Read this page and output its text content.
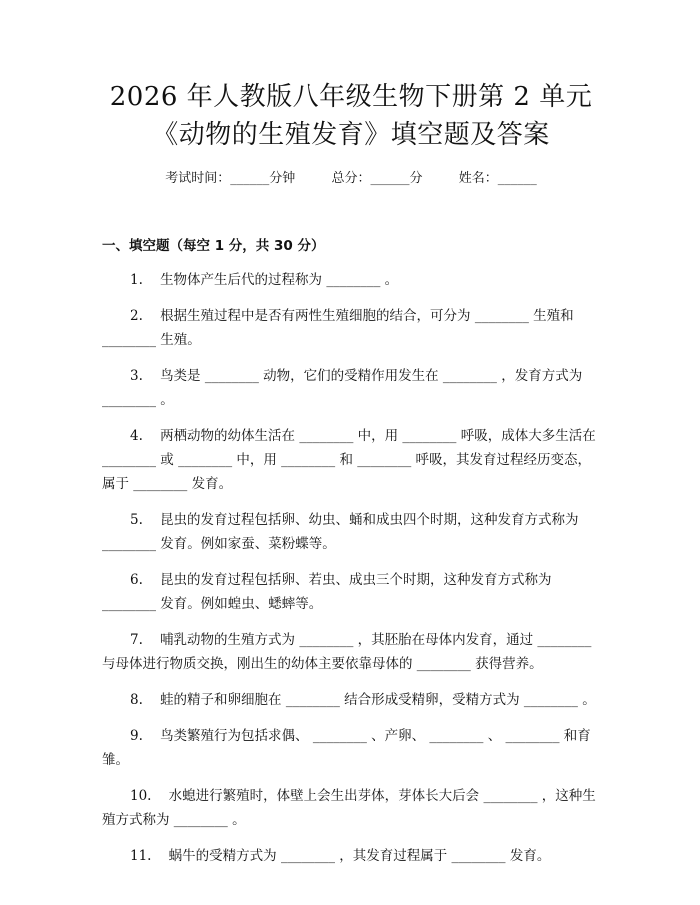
2026 年人教版八年级生物下册第 2 单元《动物的生殖发育》填空题及答案
考试时间：______分钟	总分：______分	姓名：______
一、填空题（每空 1 分，共 30 分）
1. 生物体产生后代的过程称为 ________ 。
2. 根据生殖过程中是否有两性生殖细胞的结合，可分为 ________ 生殖和 ________ 生殖。
3. 鸟类是 ________ 动物，它们的受精作用发生在 ________ ，发育方式为 ________ 。
4. 两栖动物的幼体生活在 ________ 中，用 ________ 呼吸，成体大多生活在 ________ 或 ________ 中，用 ________ 和 ________ 呼吸，其发育过程经历变态，属于 ________ 发育。
5. 昆虫的发育过程包括卵、幼虫、蛹和成虫四个时期，这种发育方式称为 ________ 发育。例如家蚕、菜粉蝶等。
6. 昆虫的发育过程包括卵、若虫、成虫三个时期，这种发育方式称为 ________ 发育。例如蝗虫、蟋蟀等。
7. 哺乳动物的生殖方式为 ________ ，其胚胎在母体内发育，通过 ________ 与母体进行物质交换，刚出生的幼体主要依靠母体的 ________ 获得营养。
8. 蛙的精子和卵细胞在 ________ 结合形成受精卵，受精方式为 ________ 。
9. 鸟类繁殖行为包括求偶、 ________ 、产卵、 ________ 、 ________ 和育雏。
10. 水螅进行繁殖时，体壁上会生出芽体，芽体长大后会 ________ ，这种生殖方式称为 ________ 。
11. 蜗牛的受精方式为 ________ ，其发育过程属于 ________ 发育。
